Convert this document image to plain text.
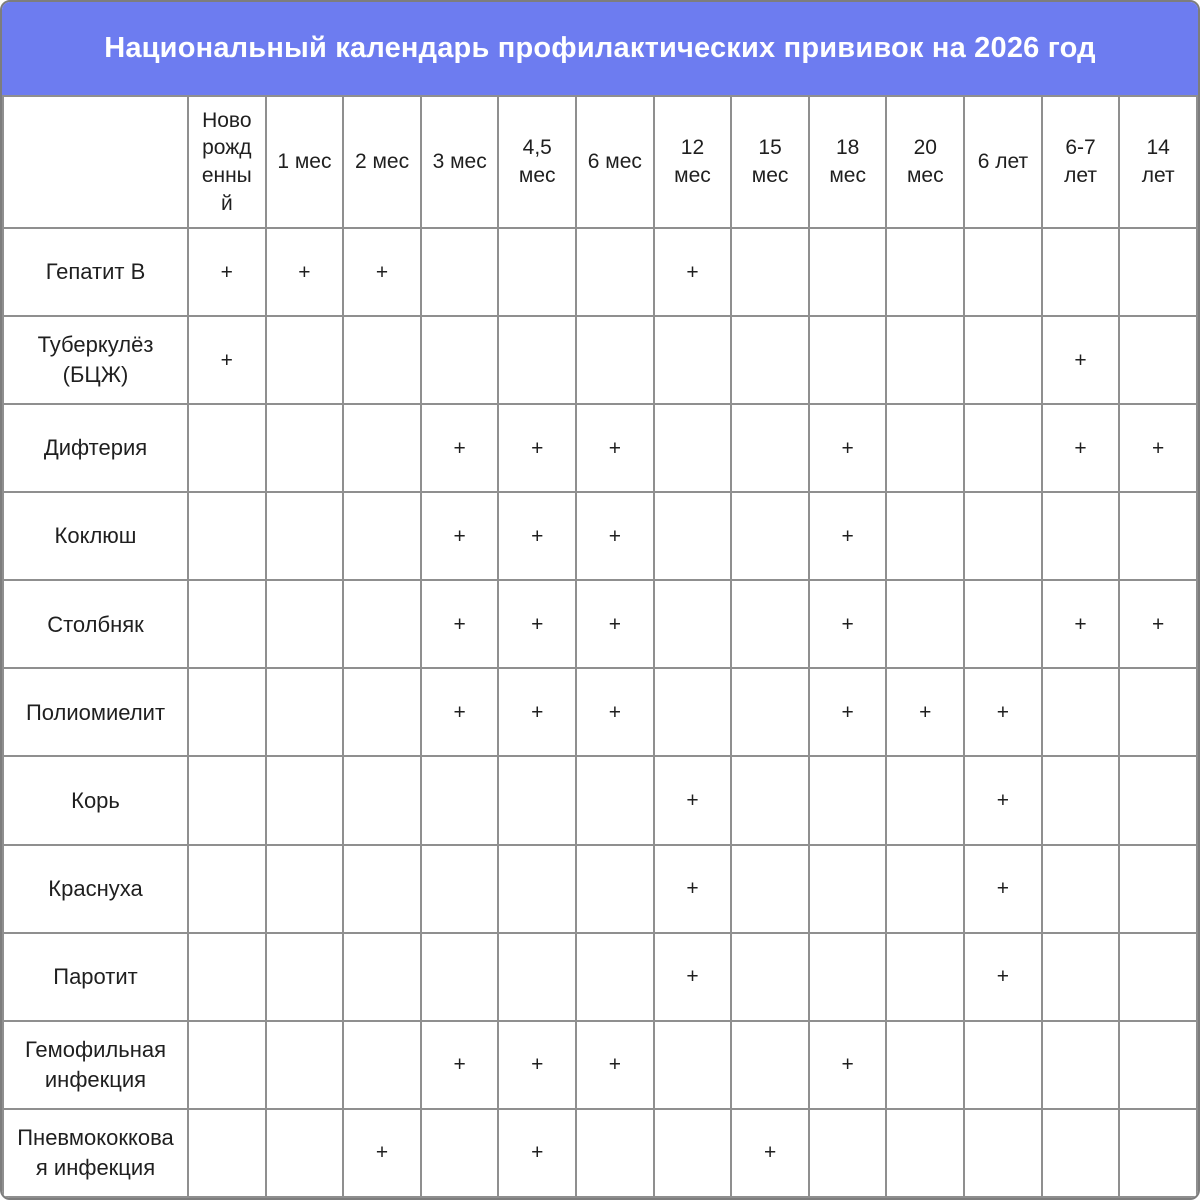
Национальный календарь профилактических прививок на 2026 год
	Новорожденный	1 мес	2 мес	3 мес	4,5 мес	6 мес	12 мес	15 мес	18 мес	20 мес	6 лет	6-7 лет	14 лет
Гепатит В	+	+	+				+						
Туберкулёз (БЦЖ)	+											+	
Дифтерия				+	+	+			+			+	+
Коклюш				+	+	+			+				
Столбняк				+	+	+			+			+	+
Полиомиелит				+	+	+			+	+	+		
Корь							+				+		
Краснуха							+				+		
Паротит							+				+		
Гемофильная инфекция				+	+	+			+				
Пневмококковая инфекция			+		+			+					
